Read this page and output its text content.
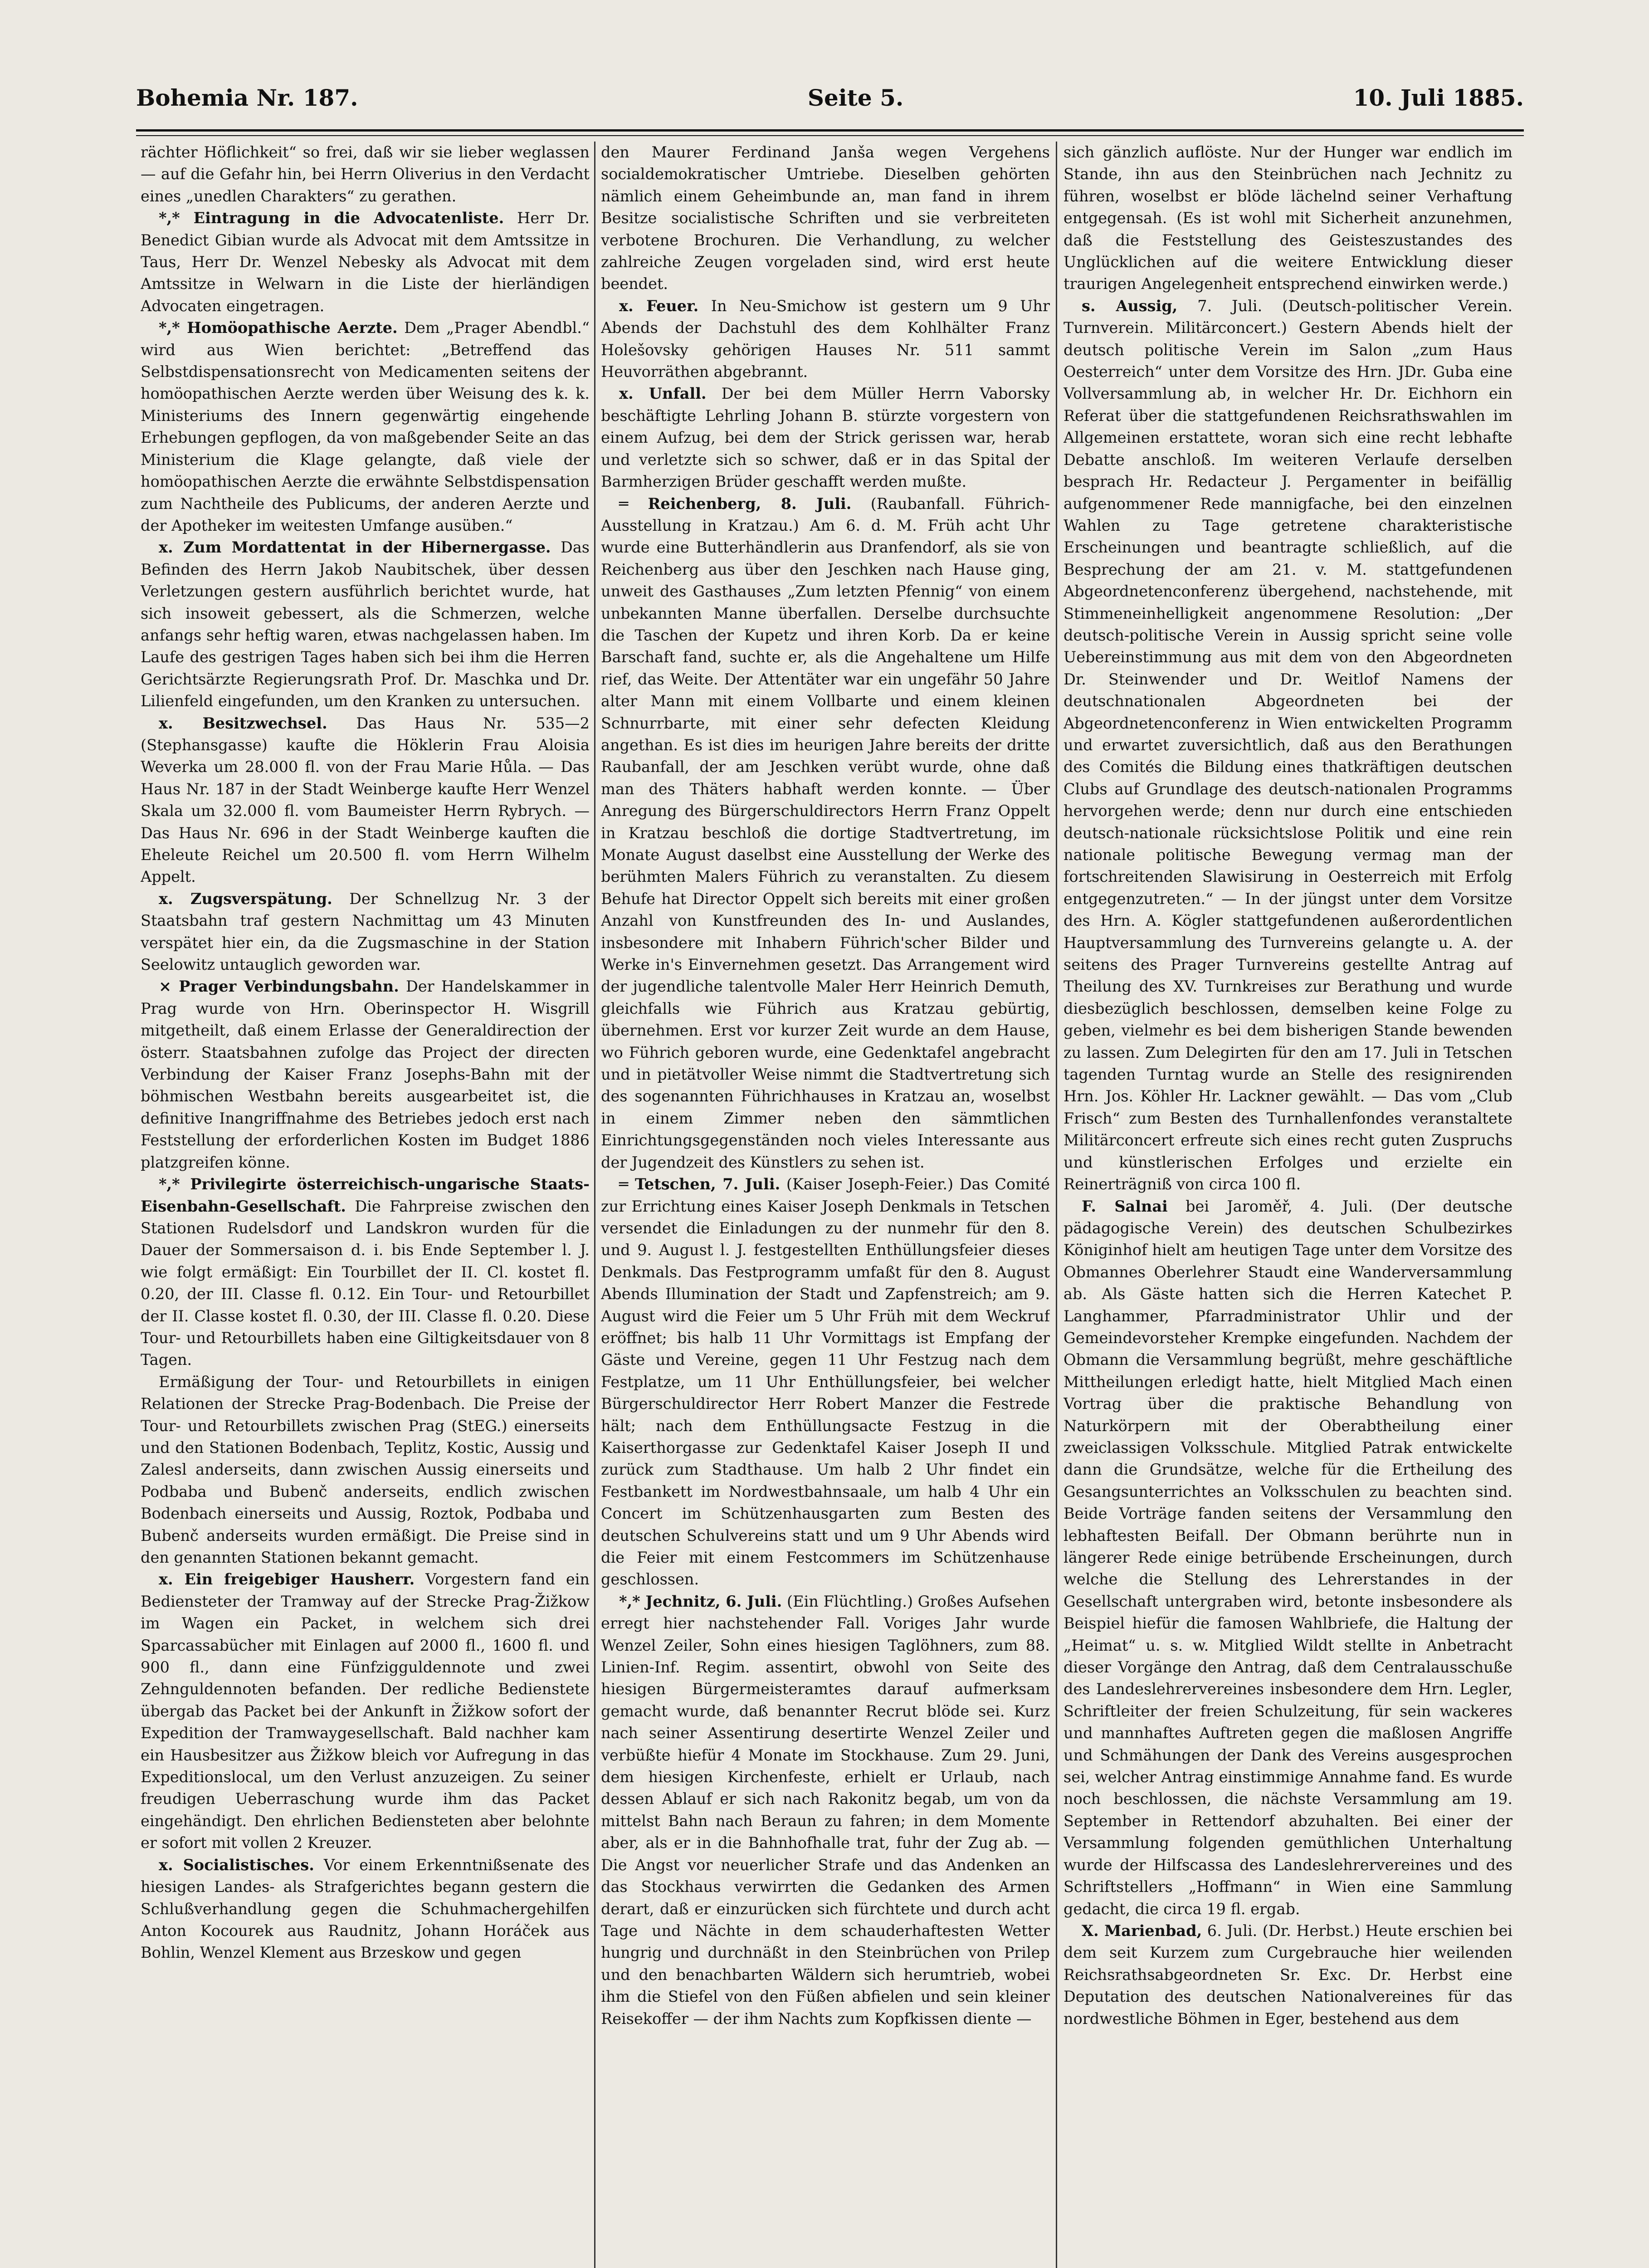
Bohemia Nr. 187.	Seite 5.	10. Juli 1885.

rächter Höflichkeit“ so frei, daß wir sie lieber weglassen — auf die Gefahr hin, bei Herrn Oliverius in den Verdacht eines „unedlen Charakters“ zu gerathen.

*,* Eintragung in die Advocatenliste. Herr Dr. Benedict Gibian wurde als Advocat mit dem Amtssitze in Taus, Herr Dr. Wenzel Nebesky als Advocat mit dem Amtssitze in Welwarn in die Liste der hierländigen Advocaten eingetragen.

*,* Homöopathische Aerzte. Dem „Prager Abendbl.“ wird aus Wien berichtet: „Betreffend das Selbstdispensationsrecht von Medicamenten seitens der homöopathischen Aerzte werden über Weisung des k. k. Ministeriums des Innern gegenwärtig eingehende Erhebungen gepflogen, da von maßgebender Seite an das Ministerium die Klage gelangte, daß viele der homöopathischen Aerzte die erwähnte Selbstdispensation zum Nachtheile des Publicums, der anderen Aerzte und der Apotheker im weitesten Umfange ausüben.“

x. Zum Mordattentat in der Hibernergasse. Das Befinden des Herrn Jakob Naubitschek, über dessen Verletzungen gestern ausführlich berichtet wurde, hat sich insoweit gebessert, als die Schmerzen, welche anfangs sehr heftig waren, etwas nachgelassen haben. Im Laufe des gestrigen Tages haben sich bei ihm die Herren Gerichtsärzte Regierungsrath Prof. Dr. Maschka und Dr. Lilienfeld eingefunden, um den Kranken zu untersuchen.

x. Besitzwechsel. Das Haus Nr. 535—2 (Stephansgasse) kaufte die Höklerin Frau Aloisia Weverka um 28.000 fl. von der Frau Marie Hůla. — Das Haus Nr. 187 in der Stadt Weinberge kaufte Herr Wenzel Skala um 32.000 fl. vom Baumeister Herrn Rybrych. — Das Haus Nr. 696 in der Stadt Weinberge kauften die Eheleute Reichel um 20.500 fl. vom Herrn Wilhelm Appelt.

x. Zugsverspätung. Der Schnellzug Nr. 3 der Staatsbahn traf gestern Nachmittag um 43 Minuten verspätet hier ein, da die Zugsmaschine in der Station Seelowitz untauglich geworden war.

× Prager Verbindungsbahn. Der Handelskammer in Prag wurde von Hrn. Oberinspector H. Wisgrill mitgetheilt, daß einem Erlasse der Generaldirection der österr. Staatsbahnen zufolge das Project der directen Verbindung der Kaiser Franz Josephs-Bahn mit der böhmischen Westbahn bereits ausgearbeitet ist, die definitive Inangriffnahme des Betriebes jedoch erst nach Feststellung der erforderlichen Kosten im Budget 1886 platzgreifen könne.

*,* Privilegirte österreichisch-ungarische Staats-Eisenbahn-Gesellschaft. Die Fahrpreise zwischen den Stationen Rudelsdorf und Landskron wurden für die Dauer der Sommersaison d. i. bis Ende September l. J. wie folgt ermäßigt: Ein Tourbillet der II. Cl. kostet fl. 0.20, der III. Classe fl. 0.12. Ein Tour- und Retourbillet der II. Classe kostet fl. 0.30, der III. Classe fl. 0.20. Diese Tour- und Retourbillets haben eine Giltigkeitsdauer von 8 Tagen.

Ermäßigung der Tour- und Retourbillets in einigen Relationen der Strecke Prag-Bodenbach. Die Preise der Tour- und Retourbillets zwischen Prag (StEG.) einerseits und den Stationen Bodenbach, Teplitz, Kostic, Aussig und Zalesl anderseits, dann zwischen Aussig einerseits und Podbaba und Bubenč anderseits, endlich zwischen Bodenbach einerseits und Aussig, Roztok, Podbaba und Bubenč anderseits wurden ermäßigt. Die Preise sind in den genannten Stationen bekannt gemacht.

x. Ein freigebiger Hausherr. Vorgestern fand ein Bediensteter der Tramway auf der Strecke Prag-Žižkow im Wagen ein Packet, in welchem sich drei Sparcassabücher mit Einlagen auf 2000 fl., 1600 fl. und 900 fl., dann eine Fünfzigguldennote und zwei Zehnguldennoten befanden. Der redliche Bedienstete übergab das Packet bei der Ankunft in Žižkow sofort der Expedition der Tramwaygesellschaft. Bald nachher kam ein Hausbesitzer aus Žižkow bleich vor Aufregung in das Expeditionslocal, um den Verlust anzuzeigen. Zu seiner freudigen Ueberraschung wurde ihm das Packet eingehändigt. Den ehrlichen Bediensteten aber belohnte er sofort mit vollen 2 Kreuzer.

x. Socialistisches. Vor einem Erkenntnißsenate des hiesigen Landes- als Strafgerichtes begann gestern die Schlußverhandlung gegen die Schuhmachergehilfen Anton Kocourek aus Raudnitz, Johann Horáček aus Bohlin, Wenzel Klement aus Brzeskow und gegen

den Maurer Ferdinand Janša wegen Vergehens socialdemokratischer Umtriebe. Dieselben gehörten nämlich einem Geheimbunde an, man fand in ihrem Besitze socialistische Schriften und sie verbreiteten verbotene Brochuren. Die Verhandlung, zu welcher zahlreiche Zeugen vorgeladen sind, wird erst heute beendet.

x. Feuer. In Neu-Smichow ist gestern um 9 Uhr Abends der Dachstuhl des dem Kohlhälter Franz Holešovsky gehörigen Hauses Nr. 511 sammt Heuvorräthen abgebrannt.

x. Unfall. Der bei dem Müller Herrn Vaborsky beschäftigte Lehrling Johann B. stürzte vorgestern von einem Aufzug, bei dem der Strick gerissen war, herab und verletzte sich so schwer, daß er in das Spital der Barmherzigen Brüder geschafft werden mußte.

═ Reichenberg, 8. Juli. (Raubanfall. Führich-Ausstellung in Kratzau.) Am 6. d. M. Früh acht Uhr wurde eine Butterhändlerin aus Dranfendorf, als sie von Reichenberg aus über den Jeschken nach Hause ging, unweit des Gasthauses „Zum letzten Pfennig“ von einem unbekannten Manne überfallen. Derselbe durchsuchte die Taschen der Kupetz und ihren Korb. Da er keine Barschaft fand, suchte er, als die Angehaltene um Hilfe rief, das Weite. Der Attentäter war ein ungefähr 50 Jahre alter Mann mit einem Vollbarte und einem kleinen Schnurrbarte, mit einer sehr defecten Kleidung angethan. Es ist dies im heurigen Jahre bereits der dritte Raubanfall, der am Jeschken verübt wurde, ohne daß man des Thäters habhaft werden konnte. — Über Anregung des Bürgerschuldirectors Herrn Franz Oppelt in Kratzau beschloß die dortige Stadtvertretung, im Monate August daselbst eine Ausstellung der Werke des berühmten Malers Führich zu veranstalten. Zu diesem Behufe hat Director Oppelt sich bereits mit einer großen Anzahl von Kunstfreunden des In- und Auslandes, insbesondere mit Inhabern Führich'scher Bilder und Werke in's Einvernehmen gesetzt. Das Arrangement wird der jugendliche talentvolle Maler Herr Heinrich Demuth, gleichfalls wie Führich aus Kratzau gebürtig, übernehmen. Erst vor kurzer Zeit wurde an dem Hause, wo Führich geboren wurde, eine Gedenktafel angebracht und in pietätvoller Weise nimmt die Stadtvertretung sich des sogenannten Führichhauses in Kratzau an, woselbst in einem Zimmer neben den sämmtlichen Einrichtungsgegenständen noch vieles Interessante aus der Jugendzeit des Künstlers zu sehen ist.

═ Tetschen, 7. Juli. (Kaiser Joseph-Feier.) Das Comité zur Errichtung eines Kaiser Joseph Denkmals in Tetschen versendet die Einladungen zu der nunmehr für den 8. und 9. August l. J. festgestellten Enthüllungsfeier dieses Denkmals. Das Festprogramm umfaßt für den 8. August Abends Illumination der Stadt und Zapfenstreich; am 9. August wird die Feier um 5 Uhr Früh mit dem Weckruf eröffnet; bis halb 11 Uhr Vormittags ist Empfang der Gäste und Vereine, gegen 11 Uhr Festzug nach dem Festplatze, um 11 Uhr Enthüllungsfeier, bei welcher Bürgerschuldirector Herr Robert Manzer die Festrede hält; nach dem Enthüllungsacte Festzug in die Kaiserthorgasse zur Gedenktafel Kaiser Joseph II und zurück zum Stadthause. Um halb 2 Uhr findet ein Festbankett im Nordwestbahnsaale, um halb 4 Uhr ein Concert im Schützenhausgarten zum Besten des deutschen Schulvereins statt und um 9 Uhr Abends wird die Feier mit einem Festcommers im Schützenhause geschlossen.

*,* Jechnitz, 6. Juli. (Ein Flüchtling.) Großes Aufsehen erregt hier nachstehender Fall. Voriges Jahr wurde Wenzel Zeiler, Sohn eines hiesigen Taglöhners, zum 88. Linien-Inf. Regim. assentirt, obwohl von Seite des hiesigen Bürgermeisteramtes darauf aufmerksam gemacht wurde, daß benannter Recrut blöde sei. Kurz nach seiner Assentirung desertirte Wenzel Zeiler und verbüßte hiefür 4 Monate im Stockhause. Zum 29. Juni, dem hiesigen Kirchenfeste, erhielt er Urlaub, nach dessen Ablauf er sich nach Rakonitz begab, um von da mittelst Bahn nach Beraun zu fahren; in dem Momente aber, als er in die Bahnhofhalle trat, fuhr der Zug ab. — Die Angst vor neuerlicher Strafe und das Andenken an das Stockhaus verwirrten die Gedanken des Armen derart, daß er einzurücken sich fürchtete und durch acht Tage und Nächte in dem schauderhaftesten Wetter hungrig und durchnäßt in den Steinbrüchen von Prilep und den benachbarten Wäldern sich herumtrieb, wobei ihm die Stiefel von den Füßen abfielen und sein kleiner Reisekoffer — der ihm Nachts zum Kopfkissen diente —

sich gänzlich auflöste. Nur der Hunger war endlich im Stande, ihn aus den Steinbrüchen nach Jechnitz zu führen, woselbst er blöde lächelnd seiner Verhaftung entgegensah. (Es ist wohl mit Sicherheit anzunehmen, daß die Feststellung des Geisteszustandes des Unglücklichen auf die weitere Entwicklung dieser traurigen Angelegenheit entsprechend einwirken werde.)

s. Aussig, 7. Juli. (Deutsch-politischer Verein. Turnverein. Militärconcert.) Gestern Abends hielt der deutsch politische Verein im Salon „zum Haus Oesterreich“ unter dem Vorsitze des Hrn. JDr. Guba eine Vollversammlung ab, in welcher Hr. Dr. Eichhorn ein Referat über die stattgefundenen Reichsrathswahlen im Allgemeinen erstattete, woran sich eine recht lebhafte Debatte anschloß. Im weiteren Verlaufe derselben besprach Hr. Redacteur J. Pergamenter in beifällig aufgenommener Rede mannigfache, bei den einzelnen Wahlen zu Tage getretene charakteristische Erscheinungen und beantragte schließlich, auf die Besprechung der am 21. v. M. stattgefundenen Abgeordnetenconferenz übergehend, nachstehende, mit Stimmeneinhelligkeit angenommene Resolution: „Der deutsch-politische Verein in Aussig spricht seine volle Uebereinstimmung aus mit dem von den Abgeordneten Dr. Steinwender und Dr. Weitlof Namens der deutschnationalen Abgeordneten bei der Abgeordnetenconferenz in Wien entwickelten Programm und erwartet zuversichtlich, daß aus den Berathungen des Comités die Bildung eines thatkräftigen deutschen Clubs auf Grundlage des deutsch-nationalen Programms hervorgehen werde; denn nur durch eine entschieden deutsch-nationale rücksichtslose Politik und eine rein nationale politische Bewegung vermag man der fortschreitenden Slawisirung in Oesterreich mit Erfolg entgegenzutreten.“ — In der jüngst unter dem Vorsitze des Hrn. A. Kögler stattgefundenen außerordentlichen Hauptversammlung des Turnvereins gelangte u. A. der seitens des Prager Turnvereins gestellte Antrag auf Theilung des XV. Turnkreises zur Berathung und wurde diesbezüglich beschlossen, demselben keine Folge zu geben, vielmehr es bei dem bisherigen Stande bewenden zu lassen. Zum Delegirten für den am 17. Juli in Tetschen tagenden Turntag wurde an Stelle des resignirenden Hrn. Jos. Köhler Hr. Lackner gewählt. — Das vom „Club Frisch“ zum Besten des Turnhallenfondes veranstaltete Militärconcert erfreute sich eines recht guten Zuspruchs und künstlerischen Erfolges und erzielte ein Reinerträgniß von circa 100 fl.

F. Salnai bei Jaroměř, 4. Juli. (Der deutsche pädagogische Verein) des deutschen Schulbezirkes Königinhof hielt am heutigen Tage unter dem Vorsitze des Obmannes Oberlehrer Staudt eine Wanderversammlung ab. Als Gäste hatten sich die Herren Katechet P. Langhammer, Pfarradministrator Uhlir und der Gemeindevorsteher Krempke eingefunden. Nachdem der Obmann die Versammlung begrüßt, mehre geschäftliche Mittheilungen erledigt hatte, hielt Mitglied Mach einen Vortrag über die praktische Behandlung von Naturkörpern mit der Oberabtheilung einer zweiclassigen Volksschule. Mitglied Patrak entwickelte dann die Grundsätze, welche für die Ertheilung des Gesangsunterrichtes an Volksschulen zu beachten sind. Beide Vorträge fanden seitens der Versammlung den lebhaftesten Beifall. Der Obmann berührte nun in längerer Rede einige betrübende Erscheinungen, durch welche die Stellung des Lehrerstandes in der Gesellschaft untergraben wird, betonte insbesondere als Beispiel hiefür die famosen Wahlbriefe, die Haltung der „Heimat“ u. s. w. Mitglied Wildt stellte in Anbetracht dieser Vorgänge den Antrag, daß dem Centralausschuße des Landeslehrervereines insbesondere dem Hrn. Legler, Schriftleiter der freien Schulzeitung, für sein wackeres und mannhaftes Auftreten gegen die maßlosen Angriffe und Schmähungen der Dank des Vereins ausgesprochen sei, welcher Antrag einstimmige Annahme fand. Es wurde noch beschlossen, die nächste Versammlung am 19. September in Rettendorf abzuhalten. Bei einer der Versammlung folgenden gemüthlichen Unterhaltung wurde der Hilfscassa des Landeslehrervereines und des Schriftstellers „Hoffmann“ in Wien eine Sammlung gedacht, die circa 19 fl. ergab.

X. Marienbad, 6. Juli. (Dr. Herbst.) Heute erschien bei dem seit Kurzem zum Curgebrauche hier weilenden Reichsrathsabgeordneten Sr. Exc. Dr. Herbst eine Deputation des deutschen Nationalvereines für das nordwestliche Böhmen in Eger, bestehend aus dem
